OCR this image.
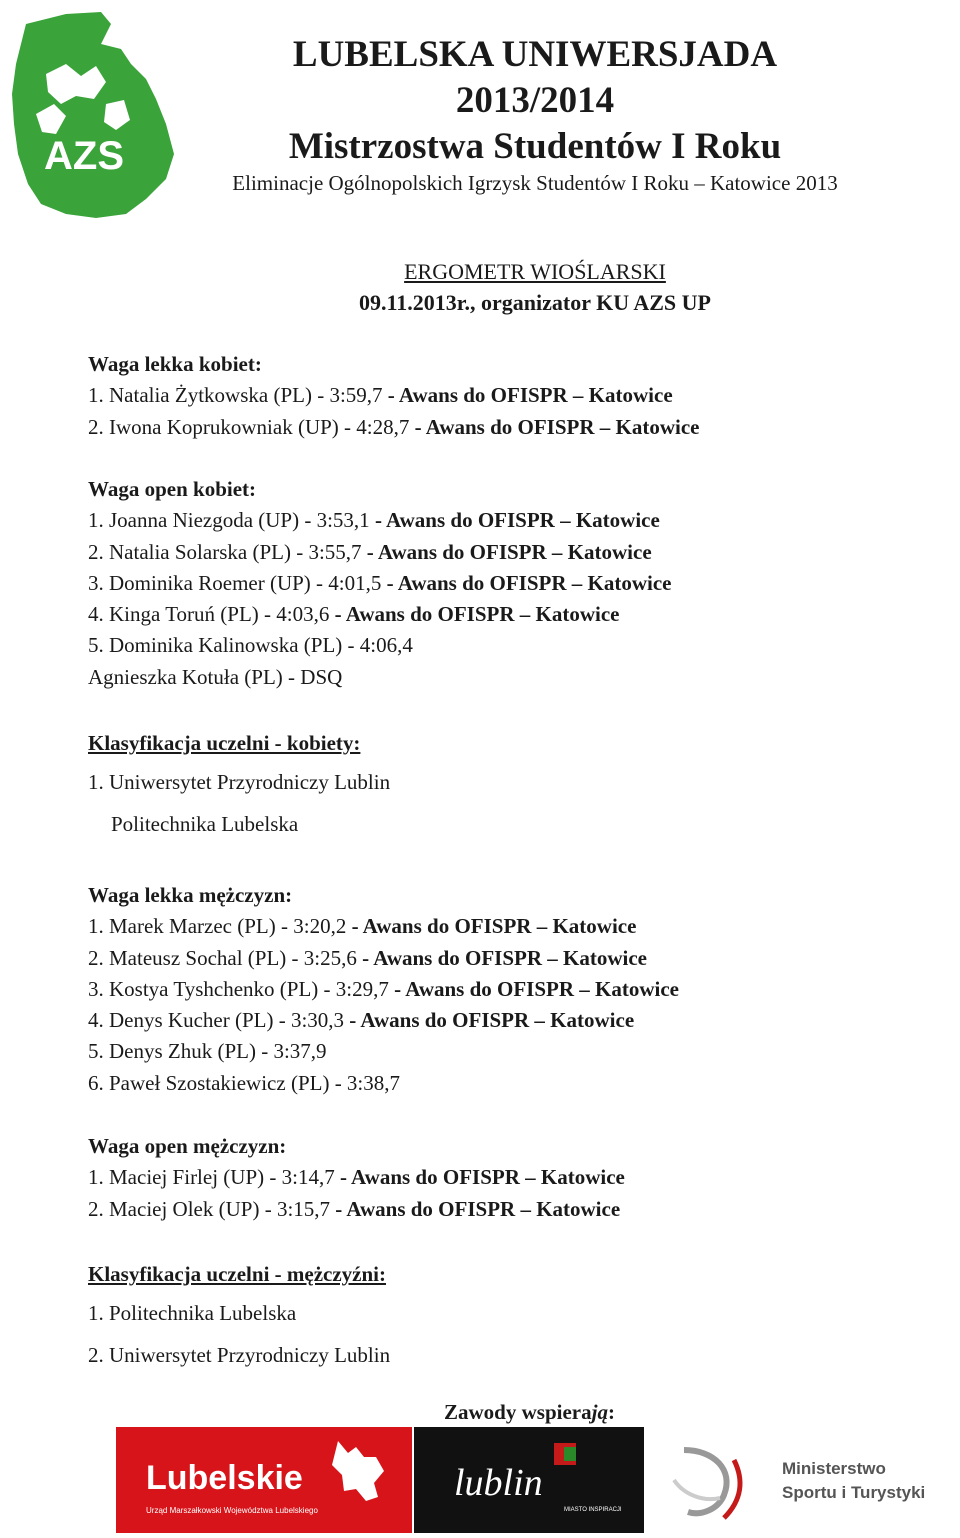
AZS
LUBELSKA UNIWERSJADA
2013/2014
Mistrzostwa Studentów I Roku
Eliminacje Ogólnopolskich Igrzysk Studentów I Roku – Katowice 2013
ERGOMETR WIOŚLARSKI
09.11.2013r., organizator KU AZS UP
Waga lekka kobiet:
1. Natalia Żytkowska (PL) - 3:59,7 - Awans do OFISPR – Katowice
2. Iwona Koprukowniak (UP) - 4:28,7 - Awans do OFISPR – Katowice
Waga open kobiet:
1. Joanna Niezgoda (UP) - 3:53,1 - Awans do OFISPR – Katowice
2. Natalia Solarska (PL) - 3:55,7 - Awans do OFISPR – Katowice
3. Dominika Roemer (UP) - 4:01,5 - Awans do OFISPR – Katowice
4. Kinga Toruń (PL) - 4:03,6 - Awans do OFISPR – Katowice
5. Dominika Kalinowska (PL) - 4:06,4
Agnieszka Kotuła (PL) - DSQ
Klasyfikacja uczelni - kobiety:
1. Uniwersytet Przyrodniczy Lublin
Politechnika Lubelska
Waga lekka mężczyzn:
1. Marek Marzec (PL) - 3:20,2 - Awans do OFISPR – Katowice
2. Mateusz Sochal (PL) - 3:25,6 - Awans do OFISPR – Katowice
3. Kostya Tyshchenko (PL) - 3:29,7 - Awans do OFISPR – Katowice
4. Denys Kucher (PL) - 3:30,3 - Awans do OFISPR – Katowice
5. Denys Zhuk (PL) - 3:37,9
6. Paweł Szostakiewicz (PL) - 3:38,7
Waga open mężczyzn:
1. Maciej Firlej (UP) - 3:14,7 - Awans do OFISPR – Katowice
2. Maciej Olek (UP) - 3:15,7 - Awans do OFISPR – Katowice
Klasyfikacja uczelni - mężczyźni:
1. Politechnika Lubelska
2. Uniwersytet Przyrodniczy Lublin
Zawody wspierają:
Lubelskie
Urząd Marszałkowski Województwa Lubelskiego
lublin
MIASTO INSPIRACJI
Ministerstwo
Sportu i Turystyki
